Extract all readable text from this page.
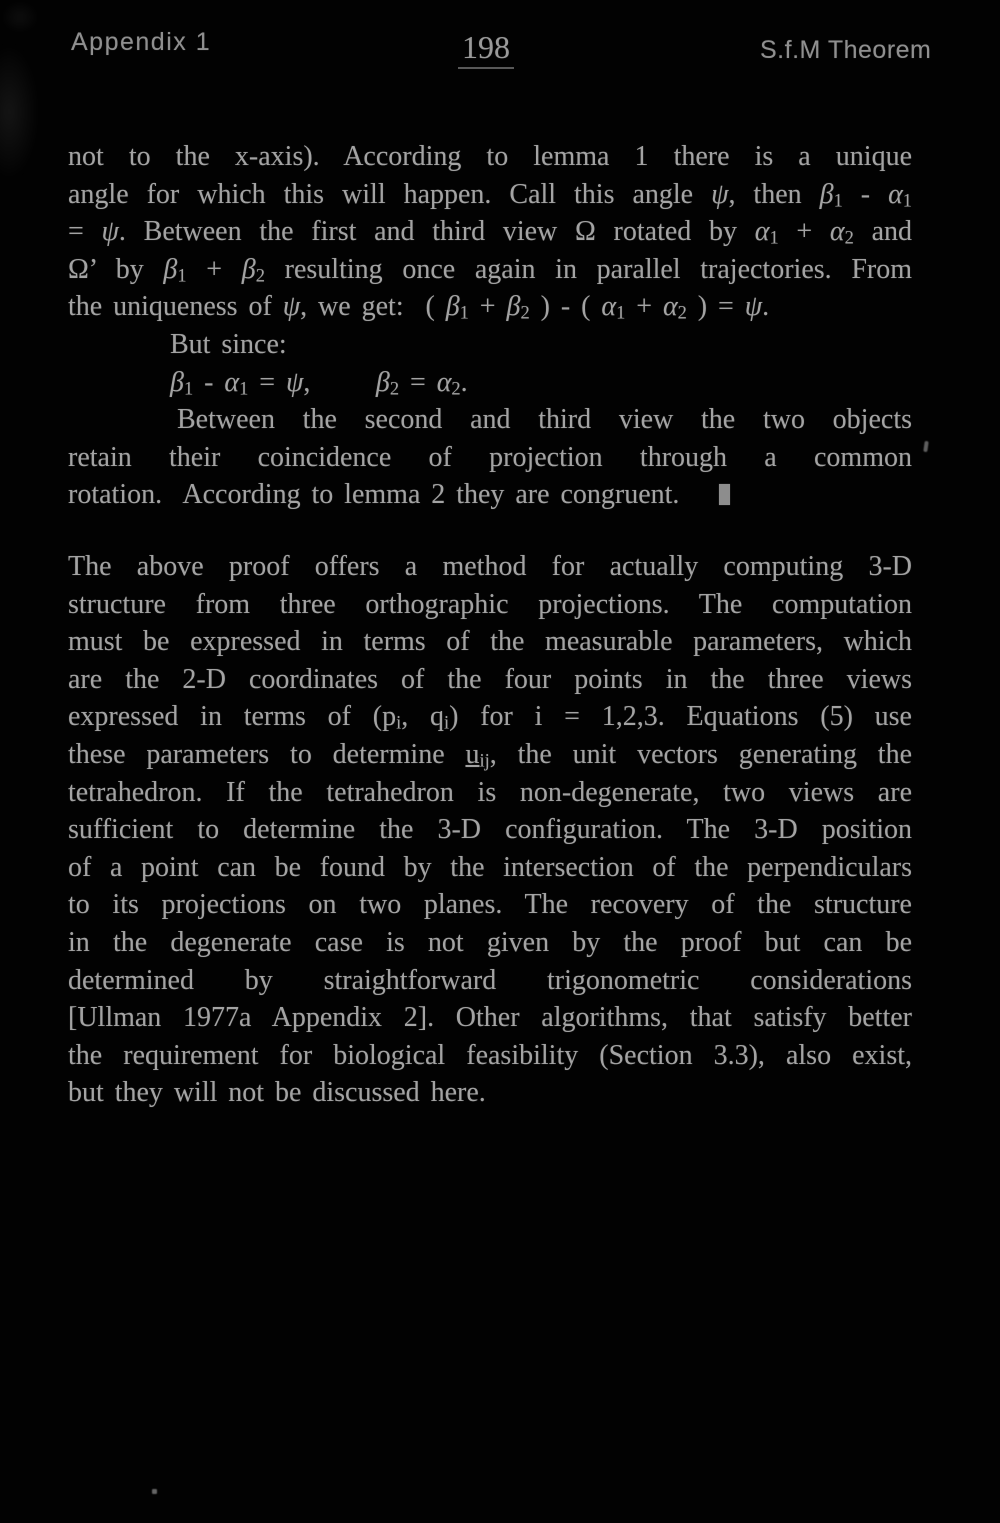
Appendix 1	198	S.f.M Theorem
not to the x-axis). According to lemma 1 there is a unique
angle for which this will happen. Call this angle ψ, then $\beta_1 - \alpha_1$
= ψ. Between the first and third view Ω rotated by $\alpha_1 + \alpha_2$ and
Ω’ by $\beta_1 + \beta_2$ resulting once again in parallel trajectories. From
the uniqueness of ψ, we get:  ( $\beta_1 + \beta_2$ ) - ( $\alpha_1 + \alpha_2$ ) = ψ.
But since:
$\beta_1 - \alpha_1 = \psi$,      $\beta_2 = \alpha_2$.
Between the second and third view the two objects
retain their coincidence of projection through a common
rotation.  According to lemma 2 they are congruent.
The above proof offers a method for actually computing 3-D
structure from three orthographic projections. The computation
must be expressed in terms of the measurable parameters, which
are the 2-D coordinates of the four points in the three views
expressed in terms of ($p_i$, $q_i$) for i = 1,2,3. Equations (5) use
these parameters to determine $u_{ij}$, the unit vectors generating the
tetrahedron. If the tetrahedron is non-degenerate, two views are
sufficient to determine the 3-D configuration. The 3-D position
of a point can be found by the intersection of the perpendiculars
to its projections on two planes. The recovery of the structure
in the degenerate case is not given by the proof but can be
determined by straightforward trigonometric considerations
[Ullman 1977a Appendix 2]. Other algorithms, that satisfy better
the requirement for biological feasibility (Section 3.3), also exist,
but they will not be discussed here.
